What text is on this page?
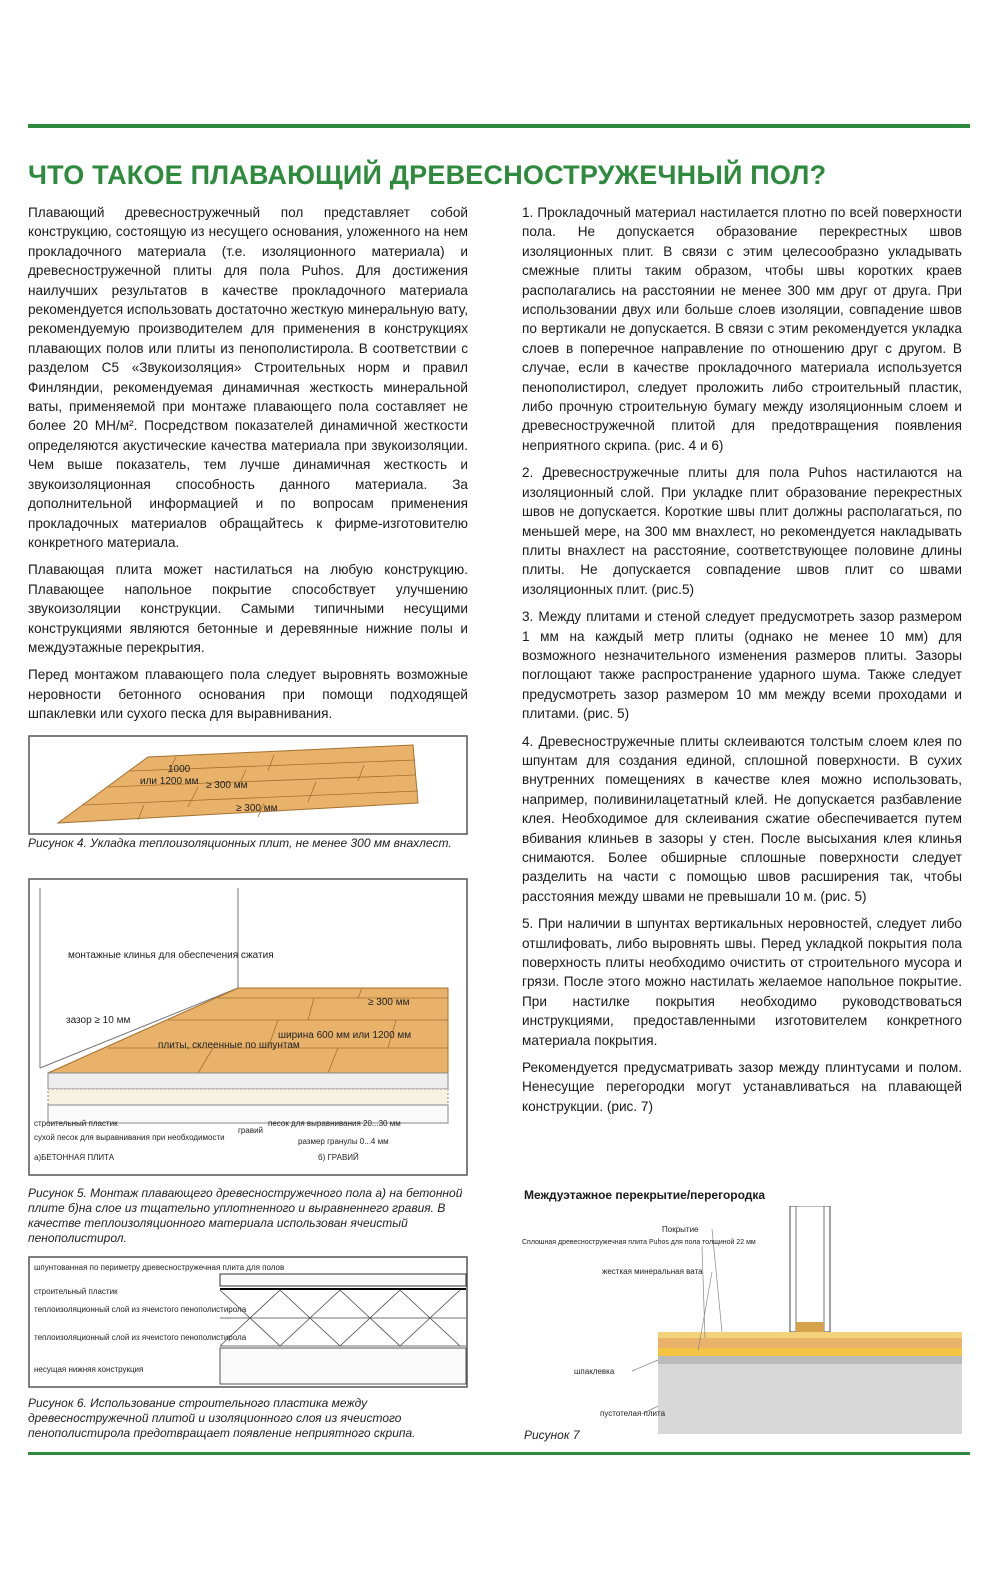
ЧТО ТАКОЕ ПЛАВАЮЩИЙ ДРЕВЕСНОСТРУЖЕЧНЫЙ ПОЛ?

Плавающий древесностружечный пол представляет собой конструкцию, состоящую из несущего основания, уложенного на нем прокладочного материала (т.е. изоляционного материала) и древесностружечной плиты для пола Puhos. Для достижения наилучших результатов в качестве прокладочного материала рекомендуется использовать достаточно жесткую минеральную вату, рекомендуемую производителем для применения в конструкциях плавающих полов или плиты из пенополистирола. В соответствии с разделом С5 «Звукоизоляция» Строительных норм и правил Финляндии, рекомендуемая динамичная жесткость минеральной ваты, применяемой при монтаже плавающего пола составляет не более 20 МН/м². Посредством показателей динамичной жесткости определяются акустические качества материала при звукоизоляции. Чем выше показатель, тем лучше динамичная жесткость и звукоизоляционная способность данного материала. За дополнительной информацией и по вопросам применения прокладочных материалов обращайтесь к фирме-изготовителю конкретного материала.

Плавающая плита может настилаться на любую конструкцию. Плавающее напольное покрытие способствует улучшению звукоизоляции конструкции. Самыми типичными несущими конструкциями являются бетонные и деревянные нижние полы и междуэтажные перекрытия.

Перед монтажом плавающего пола следует выровнять возможные неровности бетонного основания при помощи подходящей шпаклевки или сухого песка для выравнивания.

1. Прокладочный материал настилается плотно по всей поверхности пола. Не допускается образование перекрестных швов изоляционных плит. В связи с этим целесообразно укладывать смежные плиты таким образом, чтобы швы коротких краев располагались на расстоянии не менее 300 мм друг от друга. При использовании двух или больше слоев изоляции, совпадение швов по вертикали не допускается. В связи с этим рекомендуется укладка слоев в поперечное направление по отношению друг с другом. В случае, если в качестве прокладочного материала используется пенополистирол, следует проложить либо строительный пластик, либо прочную строительную бумагу между изоляционным слоем и древесностружечной плитой для предотвращения появления неприятного скрипа. (рис. 4 и 6)

2. Древесностружечные плиты для пола Puhos настилаются на изоляционный слой. При укладке плит образование перекрестных швов не допускается. Короткие швы плит должны располагаться, по меньшей мере, на 300 мм внахлест, но рекомендуется накладывать плиты внахлест на расстояние, соответствующее половине длины плиты. Не допускается совпадение швов плит со швами изоляционных плит. (рис.5)

3. Между плитами и стеной следует предусмотреть зазор размером 1 мм на каждый метр плиты (однако не менее 10 мм) для возможного незначительного изменения размеров плиты. Зазоры поглощают также распространение ударного шума. Также следует предусмотреть зазор размером 10 мм между всеми проходами и плитами. (рис. 5)

4. Древесностружечные плиты склеиваются толстым слоем клея по шпунтам для создания единой, сплошной поверхности. В сухих внутренних помещениях в качестве клея можно использовать, например, поливинилацетатный клей. Не допускается разбавление клея. Необходимое для склеивания сжатие обеспечивается путем вбивания клиньев в зазоры у стен. После высыхания клея клинья снимаются. Более обширные сплошные поверхности следует разделить на части с помощью швов расширения так, чтобы расстояния между швами не превышали 10 м. (рис. 5)

5. При наличии в шпунтах вертикальных неровностей, следует либо отшлифовать, либо выровнять швы. Перед укладкой покрытия пола поверхность плиты необходимо очистить от строительного мусора и грязи. После этого можно настилать желаемое напольное покрытие. При настилке покрытия необходимо руководствоваться инструкциями, предоставленными изготовителем конкретного материала покрытия.

Рекомендуется предусматривать зазор между плинтусами и полом. Ненесущие перегородки могут устанавливаться на плавающей конструкции. (рис. 7)

1000
или 1200 мм ≥ 300 мм
≥ 300 мм
Рисунок 4. Укладка теплоизоляционных плит, не менее 300 мм внахлест.
монтажные клинья для обеспечения сжатия
зазор ≥ 10 мм
плиты, склеенные по шпунтам
≥ 300 мм
ширина 600 мм или 1200 мм
строительный пластик
сухой песок для выравнивания при необходимости
а)БЕТОННАЯ ПЛИТА
гравий
песок для выравнивания 20...30 мм
размер гранулы 0...4 мм
б) ГРАВИЙ
Рисунок 5. Монтаж плавающего древесностружечного пола а) на бетонной плите б)на слое из тщательно уплотненного и выравненнего гравия. В качестве теплоизоляционного материала использован ячеистый пенополистирол.
шпунтованная по периметру древесностружечная плита для полов
строительный пластик
теплоизоляционный слой из ячеистого пенополистирола
теплоизоляционный слой из ячеистого пенополистирола
несущая нижняя конструкция
Рисунок 6. Использование строительного пластика между древесностружечной плитой и изоляционного слоя из ячеистого пенополистирола предотвращает появление неприятного скрипа.
Междуэтажное перекрытие/перегородка
Покрытие
Сплошная древесностружечная плита Puhos для пола толщиной 22 мм
жесткая минеральная вата
шпаклевка
пустотелая плита
Рисунок 7
